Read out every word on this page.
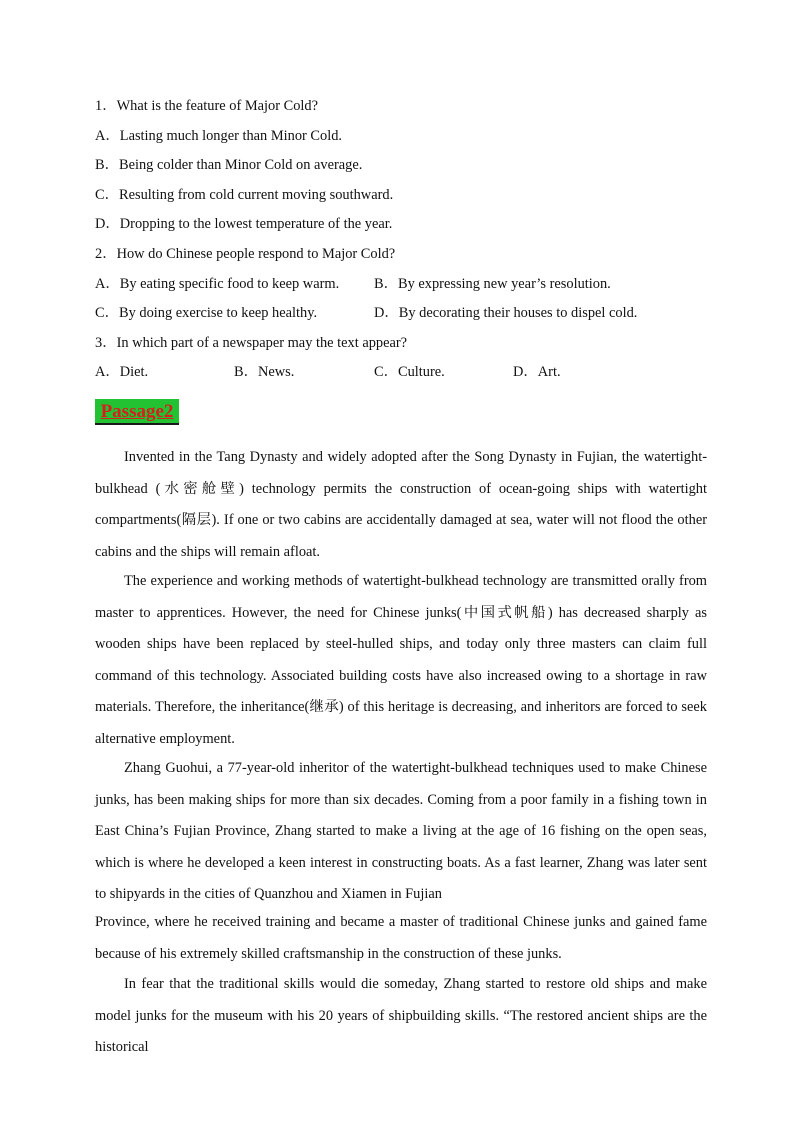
1．What is the feature of Major Cold?
A．Lasting much longer than Minor Cold.
B．Being colder than Minor Cold on average.
C．Resulting from cold current moving southward.
D．Dropping to the lowest temperature of the year.
2．How do Chinese people respond to Major Cold?
A．By eating specific food to keep warm. B．By expressing new year’s resolution.
C．By doing exercise to keep healthy.	D．By decorating their houses to dispel cold.
3．In which part of a newspaper may the text appear?
A．Diet.	B．News.	C．Culture.	D．Art.
Passage2
Invented in the Tang Dynasty and widely adopted after the Song Dynasty in Fujian, the watertight-bulkhead (水密舱壁) technology permits the construction of ocean-going ships with watertight compartments(隔层). If one or two cabins are accidentally damaged at sea, water will not flood the other cabins and the ships will remain afloat.
The experience and working methods of watertight-bulkhead technology are transmitted orally from master to apprentices. However, the need for Chinese junks(中国式帆船) has decreased sharply as wooden ships have been replaced by steel-hulled ships, and today only three masters can claim full command of this technology. Associated building costs have also increased owing to a shortage in raw materials. Therefore, the inheritance(继承) of this heritage is decreasing, and inheritors are forced to seek alternative employment.
Zhang Guohui, a 77-year-old inheritor of the watertight-bulkhead techniques used to make Chinese junks, has been making ships for more than six decades. Coming from a poor family in a fishing town in East China’s Fujian Province, Zhang started to make a living at the age of 16 fishing on the open seas, which is where he developed a keen interest in constructing boats. As a fast learner, Zhang was later sent to shipyards in the cities of Quanzhou and Xiamen in Fujian
Province, where he received training and became a master of traditional Chinese junks and gained fame because of his extremely skilled craftsmanship in the construction of these junks.
In fear that the traditional skills would die someday, Zhang started to restore old ships and make model junks for the museum with his 20 years of shipbuilding skills. “The restored ancient ships are the historical
